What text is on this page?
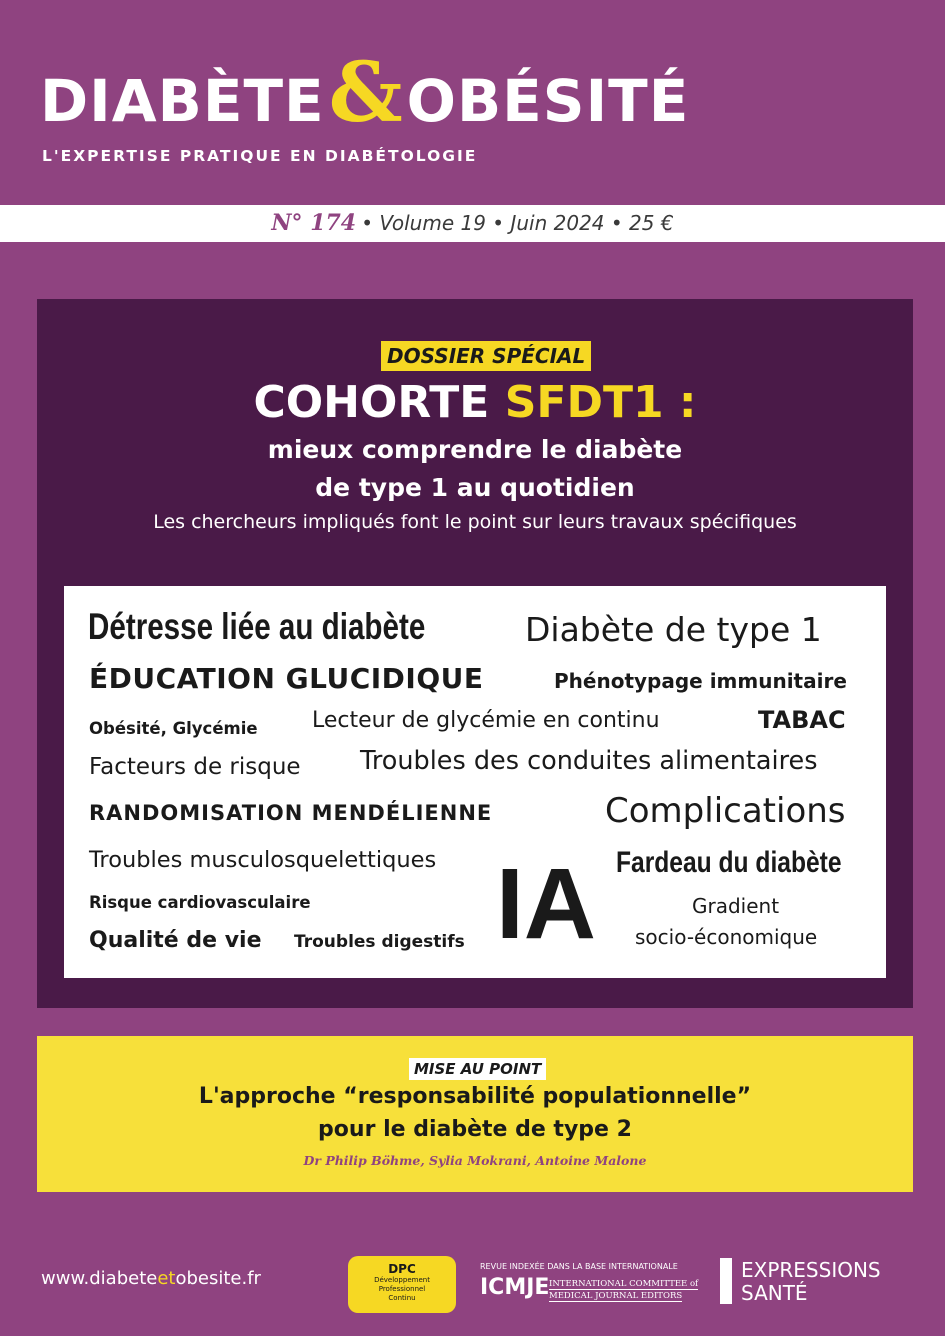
DIABÈTE & OBÉSITÉ
L'EXPERTISE PRATIQUE EN DIABÉTOLOGIE
N° 174 • Volume 19 • Juin 2024 • 25 €
DOSSIER SPÉCIAL
COHORTE SFDT1 :
mieux comprendre le diabète
de type 1 au quotidien
Les chercheurs impliqués font le point sur leurs travaux spécifiques
Détresse liée au diabète	Diabète de type 1
ÉDUCATION GLUCIDIQUE	Phénotypage immunitaire
Obésité, Glycémie Lecteur de glycémie en continu	TABAC
Facteurs de risque Troubles des conduites alimentaires
RANDOMISATION MENDÉLIENNE	Complications
Troubles musculosquelettiques	Fardeau du diabète
IA
Risque cardiovasculaire	Gradient
socio-économique
Qualité de vie Troubles digestifs
MISE AU POINT
L'approche “responsabilité populationnelle”
pour le diabète de type 2
Dr Philip Böhme, Sylia Mokrani, Antoine Malone
www.diabeteetobesite.fr	DPC
Développement
Professionnel
Continu
REVUE INDEXÉE DANS LA BASE INTERNATIONALE
ICMJE INTERNATIONAL COMMITTEE of
MEDICAL JOURNAL EDITORS
EXPRESSIONS
SANTÉ
